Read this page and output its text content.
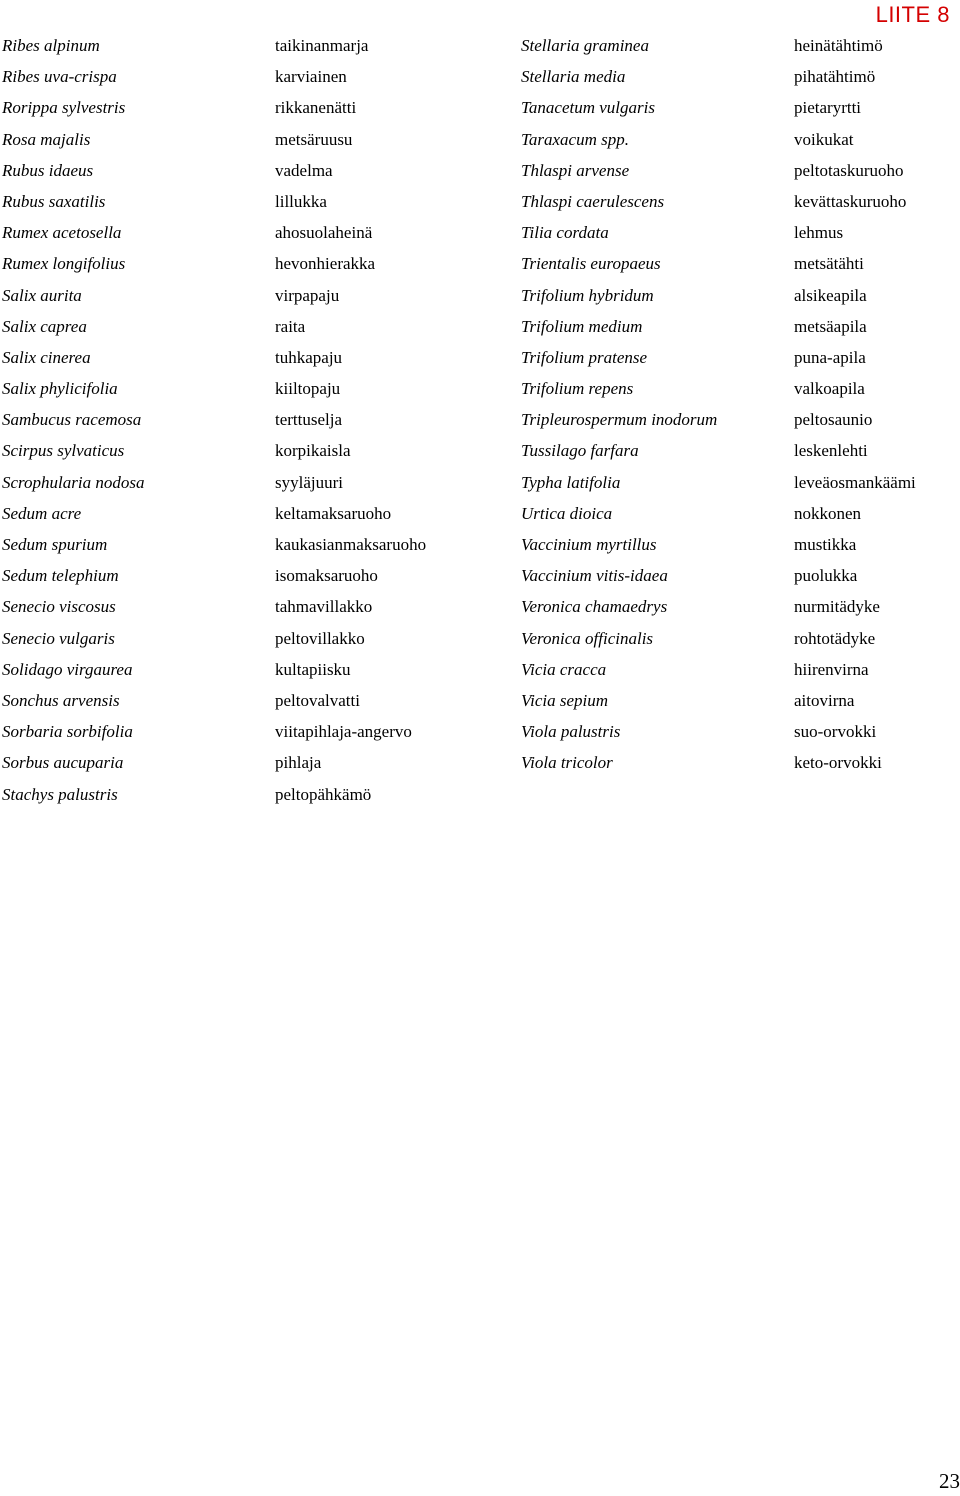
LIITE 8
Ribes alpinum	taikinanmarja	Stellaria graminea	heinätähtimö
Ribes uva-crispa	karviainen	Stellaria media	pihatähtimö
Rorippa sylvestris	rikkanenätti	Tanacetum vulgaris	pietaryrtti
Rosa majalis	metsäruusu	Taraxacum spp.	voikukat
Rubus idaeus	vadelma	Thlaspi arvense	peltotaskuruoho
Rubus saxatilis	lillukka	Thlaspi caerulescens	kevättaskuruoho
Rumex acetosella	ahosuolaheinä	Tilia cordata	lehmus
Rumex longifolius	hevonhierakka	Trientalis europaeus	metsätähti
Salix aurita	virpapaju	Trifolium hybridum	alsikeapila
Salix caprea	raita	Trifolium medium	metsäapila
Salix cinerea	tuhkapaju	Trifolium pratense	puna-apila
Salix phylicifolia	kiiltopaju	Trifolium repens	valkoapila
Sambucus racemosa	terttuselja	Tripleurospermum inodorum	peltosaunio
Scirpus sylvaticus	korpikaisla	Tussilago farfara	leskenlehti
Scrophularia nodosa	syyläjuuri	Typha latifolia	leveäosmankäämi
Sedum acre	keltamaksaruoho	Urtica dioica	nokkonen
Sedum spurium	kaukasianmaksaruoho	Vaccinium myrtillus	mustikka
Sedum telephium	isomaksaruoho	Vaccinium vitis-idaea	puolukka
Senecio viscosus	tahmavillakko	Veronica chamaedrys	nurmitädyke
Senecio vulgaris	peltovillakko	Veronica officinalis	rohtotädyke
Solidago virgaurea	kultapiisku	Vicia cracca	hiirenvirna
Sonchus arvensis	peltovalvatti	Vicia sepium	aitovirna
Sorbaria sorbifolia	viitapihlaja-angervo	Viola palustris	suo-orvokki
Sorbus aucuparia	pihlaja	Viola tricolor	keto-orvokki
Stachys palustris	peltopähkämö
23
